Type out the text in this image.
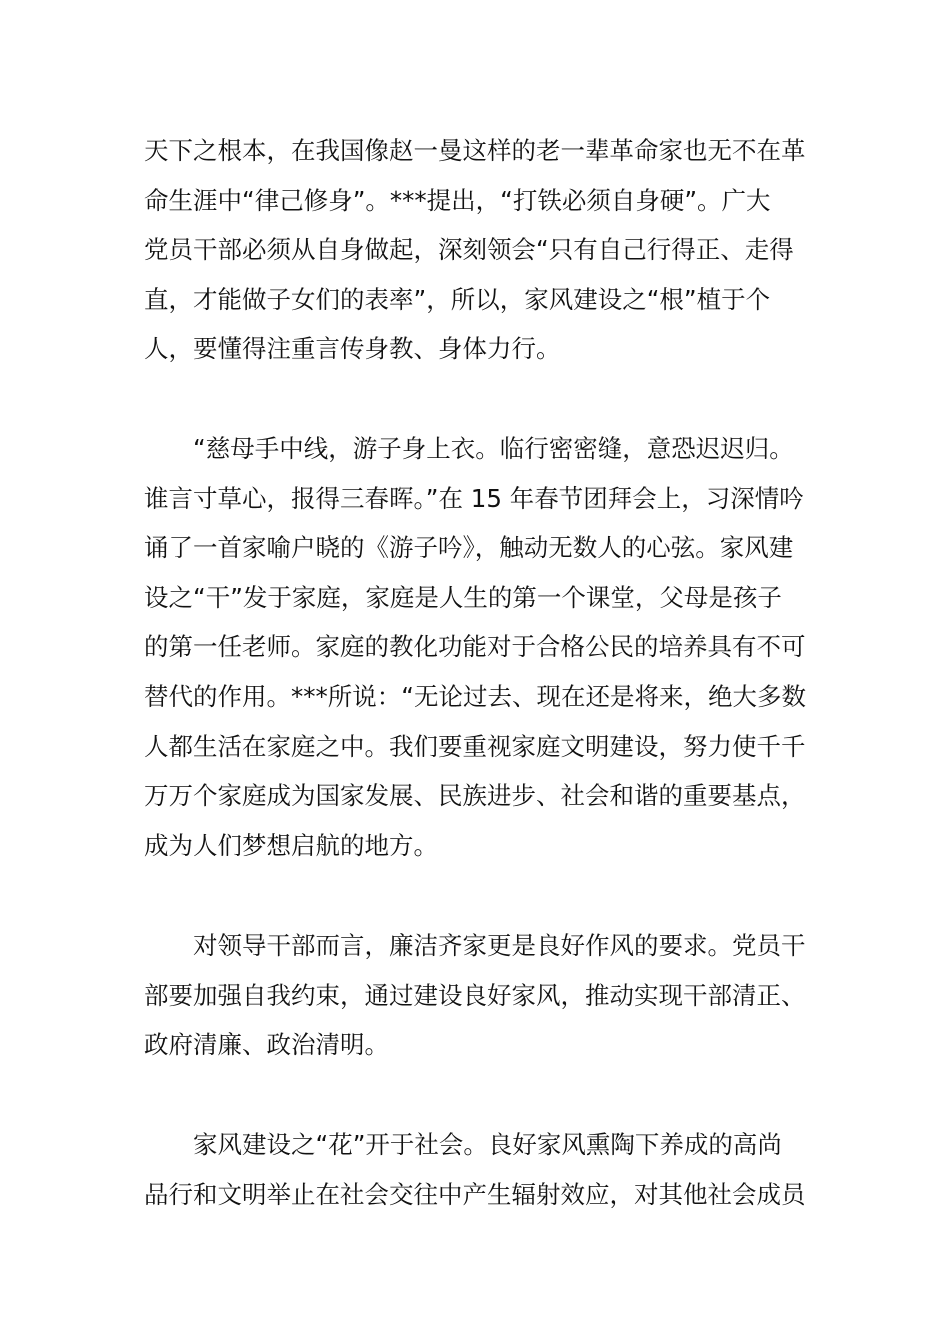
天下之根本，在我国像赵一曼这样的老一辈革命家也无不在革
命生涯中“律己修身”。***提出，“打铁必须自身硬”。广大
党员干部必须从自身做起，深刻领会“只有自己行得正、走得
直，才能做子女们的表率”，所以，家风建设之“根”植于个
人，要懂得注重言传身教、身体力行。
　　“慈母手中线，游子身上衣。临行密密缝，意恐迟迟归。
谁言寸草心，报得三春晖。”在 15 年春节团拜会上，习深情吟
诵了一首家喻户晓的《游子吟》，触动无数人的心弦。家风建
设之“干”发于家庭，家庭是人生的第一个课堂，父母是孩子
的第一任老师。家庭的教化功能对于合格公民的培养具有不可
替代的作用。***所说：“无论过去、现在还是将来，绝大多数
人都生活在家庭之中。我们要重视家庭文明建设，努力使千千
万万个家庭成为国家发展、民族进步、社会和谐的重要基点，
成为人们梦想启航的地方。
　　对领导干部而言，廉洁齐家更是良好作风的要求。党员干
部要加强自我约束，通过建设良好家风，推动实现干部清正、
政府清廉、政治清明。
　　家风建设之“花”开于社会。良好家风熏陶下养成的高尚
品行和文明举止在社会交往中产生辐射效应，对其他社会成员
